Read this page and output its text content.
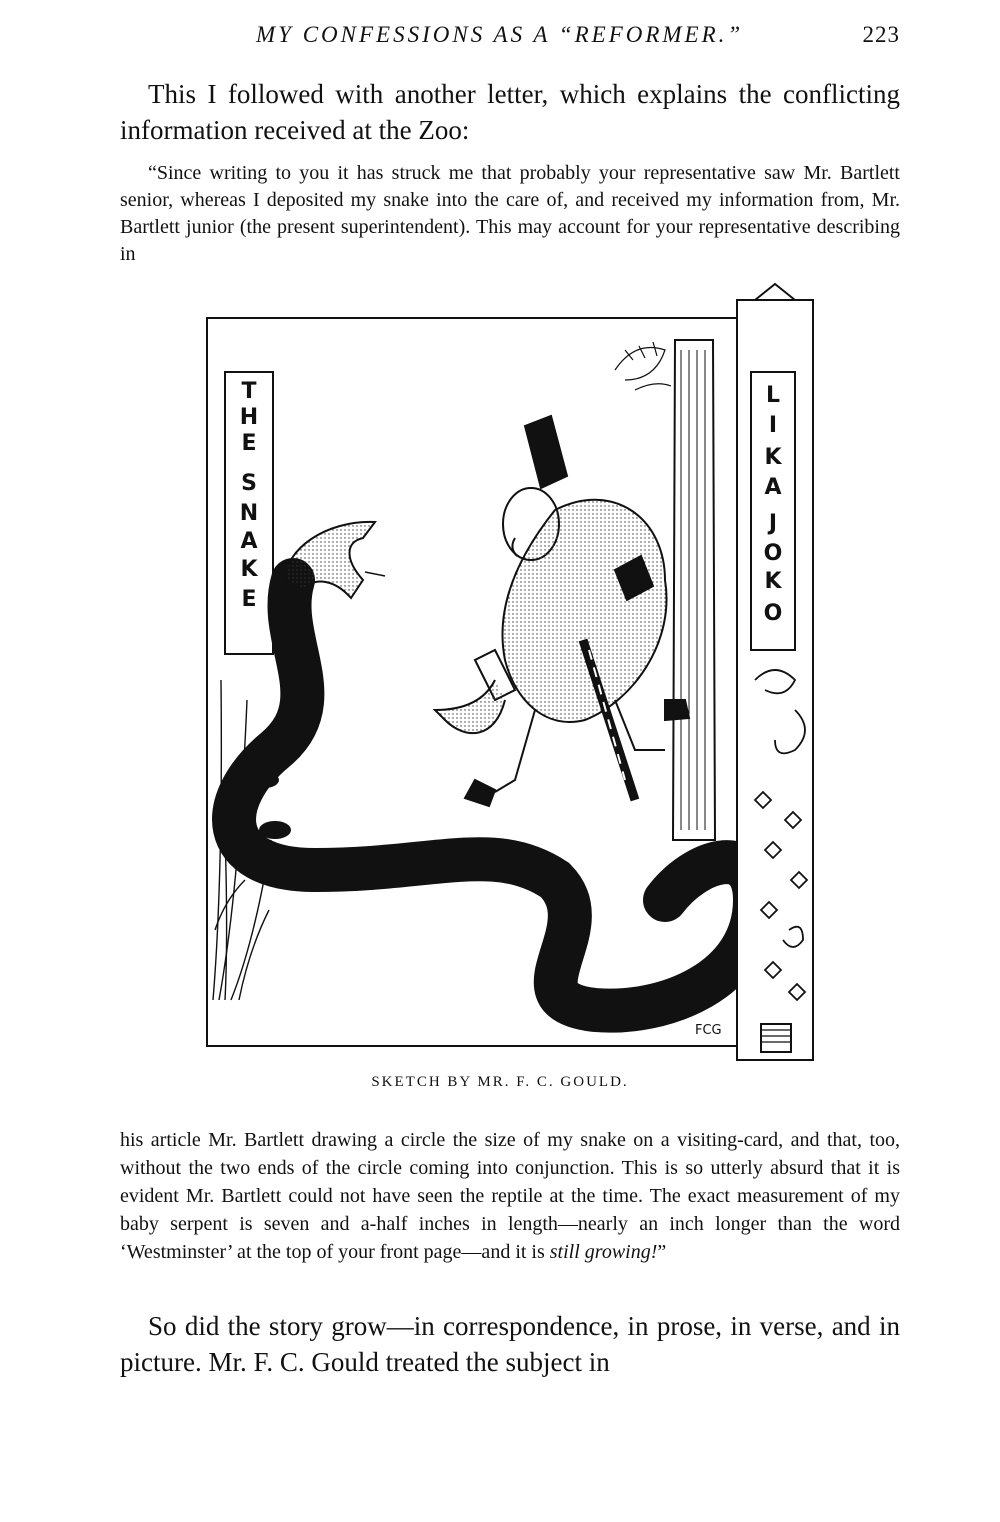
MY CONFESSIONS AS A “REFORMER.”	223

This I followed with another letter, which explains the conflicting information received at the Zoo:

“Since writing to you it has struck me that probably your representative saw Mr. Bartlett senior, whereas I deposited my snake into the care of, and received my information from, Mr. Bartlett junior (the present superintendent). This may account for your representative describing in

T
H
E
S
N
A
K
E
L
I
K
A
J
O
K
O
FCG
SKETCH BY MR. F. C. GOULD.

his article Mr. Bartlett drawing a circle the size of my snake on a visiting-card, and that, too, without the two ends of the circle coming into conjunction. This is so utterly absurd that it is evident Mr. Bartlett could not have seen the reptile at the time. The exact measurement of my baby serpent is seven and a-half inches in length—nearly an inch longer than the word ‘Westminster’ at the top of your front page—and it is still growing!”

So did the story grow—in correspondence, in prose, in verse, and in picture. Mr. F. C. Gould treated the subject in
